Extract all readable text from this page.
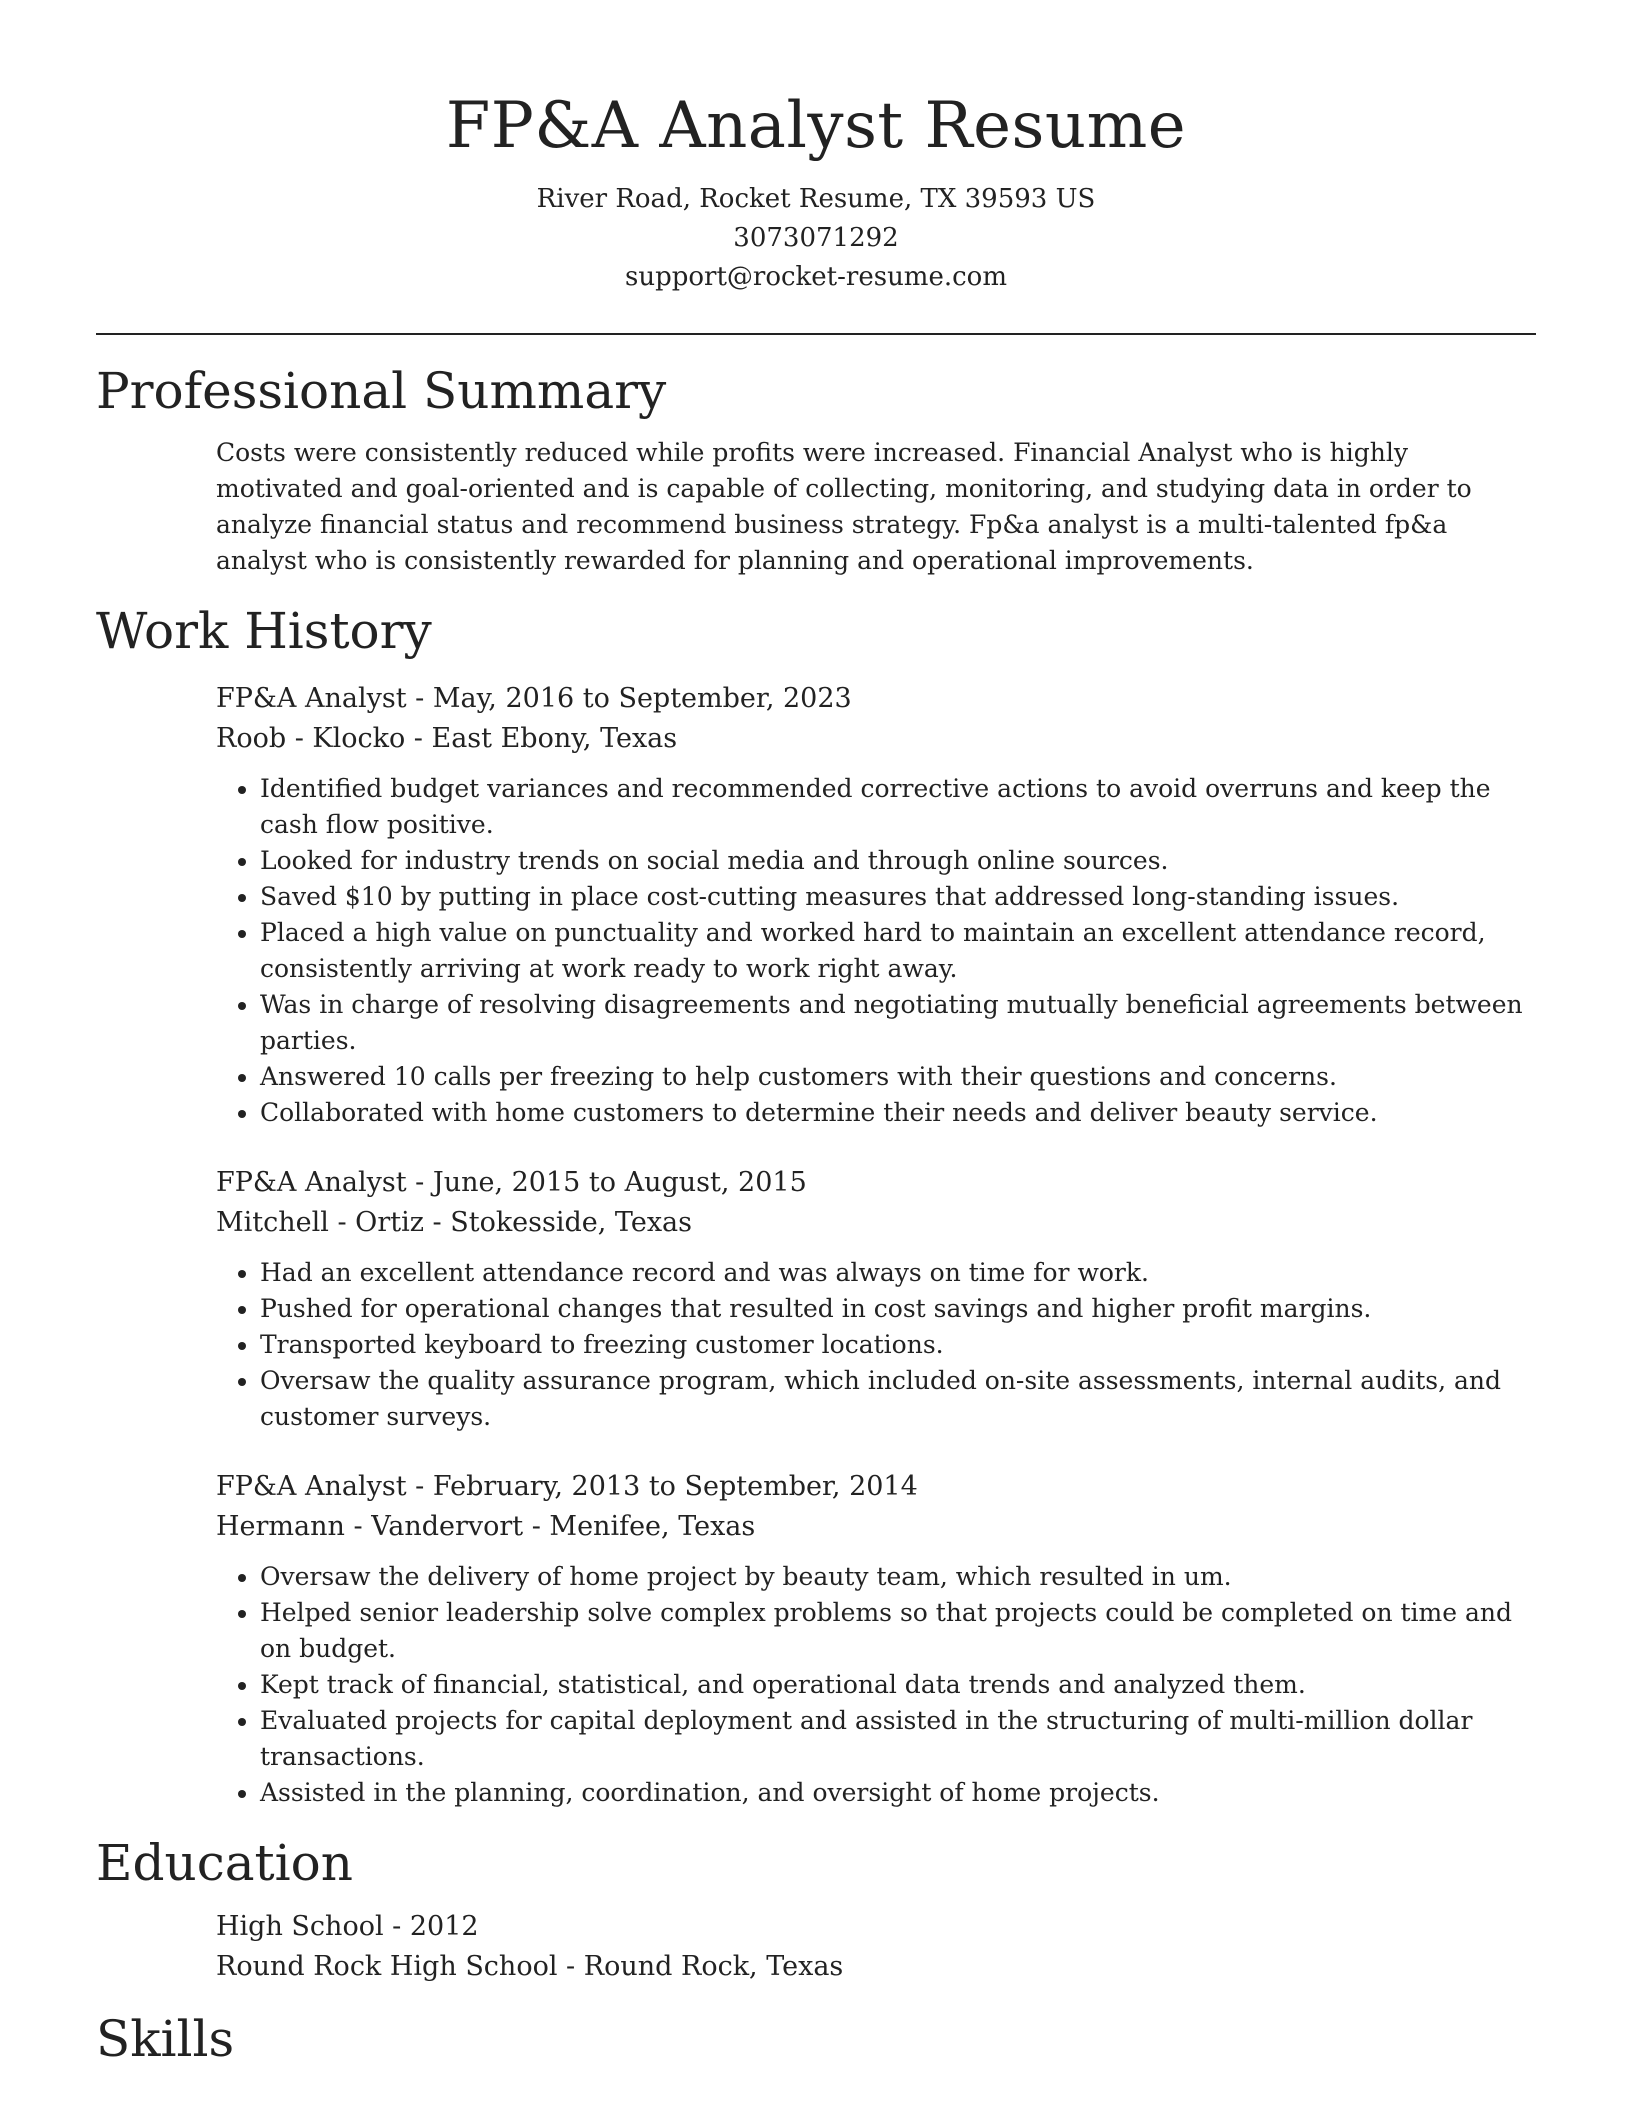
FP&A Analyst Resume
River Road, Rocket Resume, TX 39593 US
3073071292
support@rocket-resume.com
Professional Summary
Costs were consistently reduced while profits were increased. Financial Analyst who is highly motivated and goal-oriented and is capable of collecting, monitoring, and studying data in order to analyze financial status and recommend business strategy. Fp&a analyst is a multi-talented fp&a analyst who is consistently rewarded for planning and operational improvements.
Work History
FP&A Analyst - May, 2016 to September, 2023
Roob - Klocko - East Ebony, Texas
• Identified budget variances and recommended corrective actions to avoid overruns and keep the cash flow positive.
• Looked for industry trends on social media and through online sources.
• Saved $10 by putting in place cost-cutting measures that addressed long-standing issues.
• Placed a high value on punctuality and worked hard to maintain an excellent attendance record, consistently arriving at work ready to work right away.
• Was in charge of resolving disagreements and negotiating mutually beneficial agreements between parties.
• Answered 10 calls per freezing to help customers with their questions and concerns.
• Collaborated with home customers to determine their needs and deliver beauty service.
FP&A Analyst - June, 2015 to August, 2015
Mitchell - Ortiz - Stokesside, Texas
• Had an excellent attendance record and was always on time for work.
• Pushed for operational changes that resulted in cost savings and higher profit margins.
• Transported keyboard to freezing customer locations.
• Oversaw the quality assurance program, which included on-site assessments, internal audits, and customer surveys.
FP&A Analyst - February, 2013 to September, 2014
Hermann - Vandervort - Menifee, Texas
• Oversaw the delivery of home project by beauty team, which resulted in um.
• Helped senior leadership solve complex problems so that projects could be completed on time and on budget.
• Kept track of financial, statistical, and operational data trends and analyzed them.
• Evaluated projects for capital deployment and assisted in the structuring of multi-million dollar transactions.
• Assisted in the planning, coordination, and oversight of home projects.
Education
High School - 2012
Round Rock High School - Round Rock, Texas
Skills
